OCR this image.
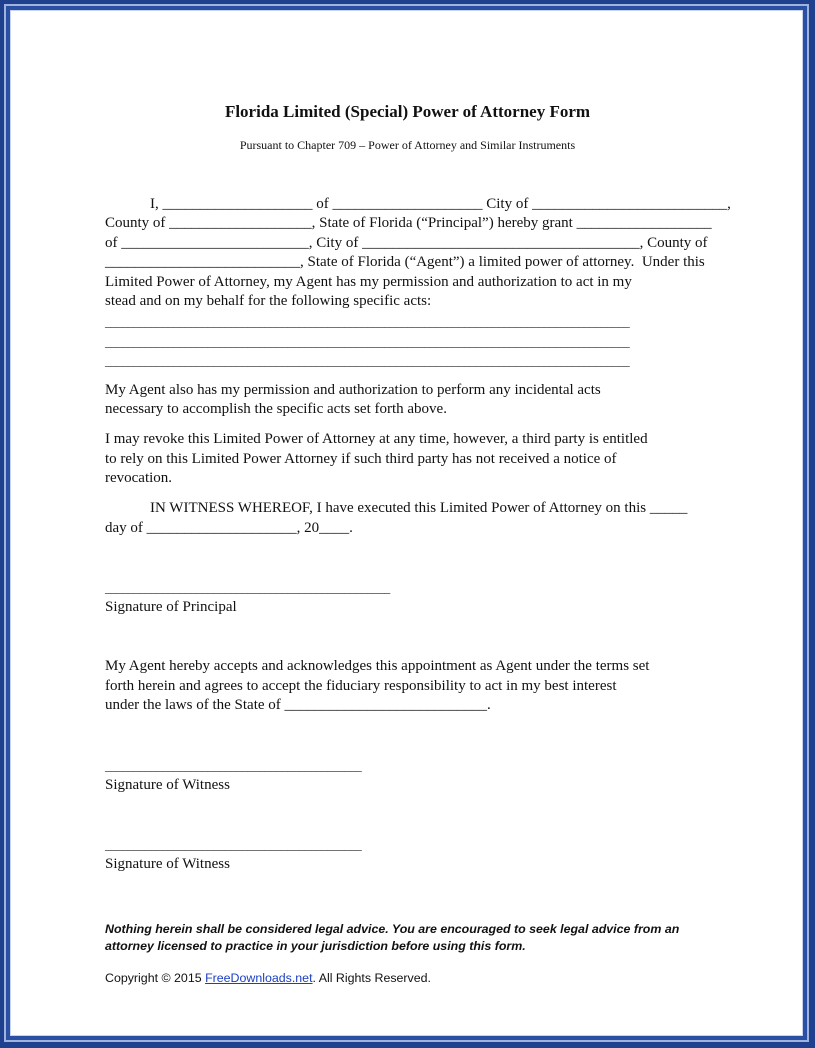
Florida Limited (Special) Power of Attorney Form
Pursuant to Chapter 709 – Power of Attorney and Similar Instruments
I, ____________________ of ____________________ City of __________________________,
County of ___________________, State of Florida (“Principal”) hereby grant __________________
of _________________________, City of _____________________________________, County of
__________________________, State of Florida (“Agent”) a limited power of attorney.  Under this
Limited Power of Attorney, my Agent has my permission and authorization to act in my
stead and on my behalf for the following specific acts:
____________________________________________________________________________________________
____________________________________________________________________________________________
____________________________________________________________________________________________
My Agent also has my permission and authorization to perform any incidental acts
necessary to accomplish the specific acts set forth above.
I may revoke this Limited Power of Attorney at any time, however, a third party is entitled
to rely on this Limited Power Attorney if such third party has not received a notice of
revocation.
IN WITNESS WHEREOF, I have executed this Limited Power of Attorney on this _____
day of ____________________, 20____.
__________________________________________________
Signature of Principal
My Agent hereby accepts and acknowledges this appointment as Agent under the terms set
forth herein and agrees to accept the fiduciary responsibility to act in my best interest
under the laws of the State of ___________________________.
_____________________________________________
Signature of Witness
_____________________________________________
Signature of Witness
Nothing herein shall be considered legal advice. You are encouraged to seek legal advice from an
attorney licensed to practice in your jurisdiction before using this form.
Copyright © 2015 FreeDownloads.net. All Rights Reserved.
